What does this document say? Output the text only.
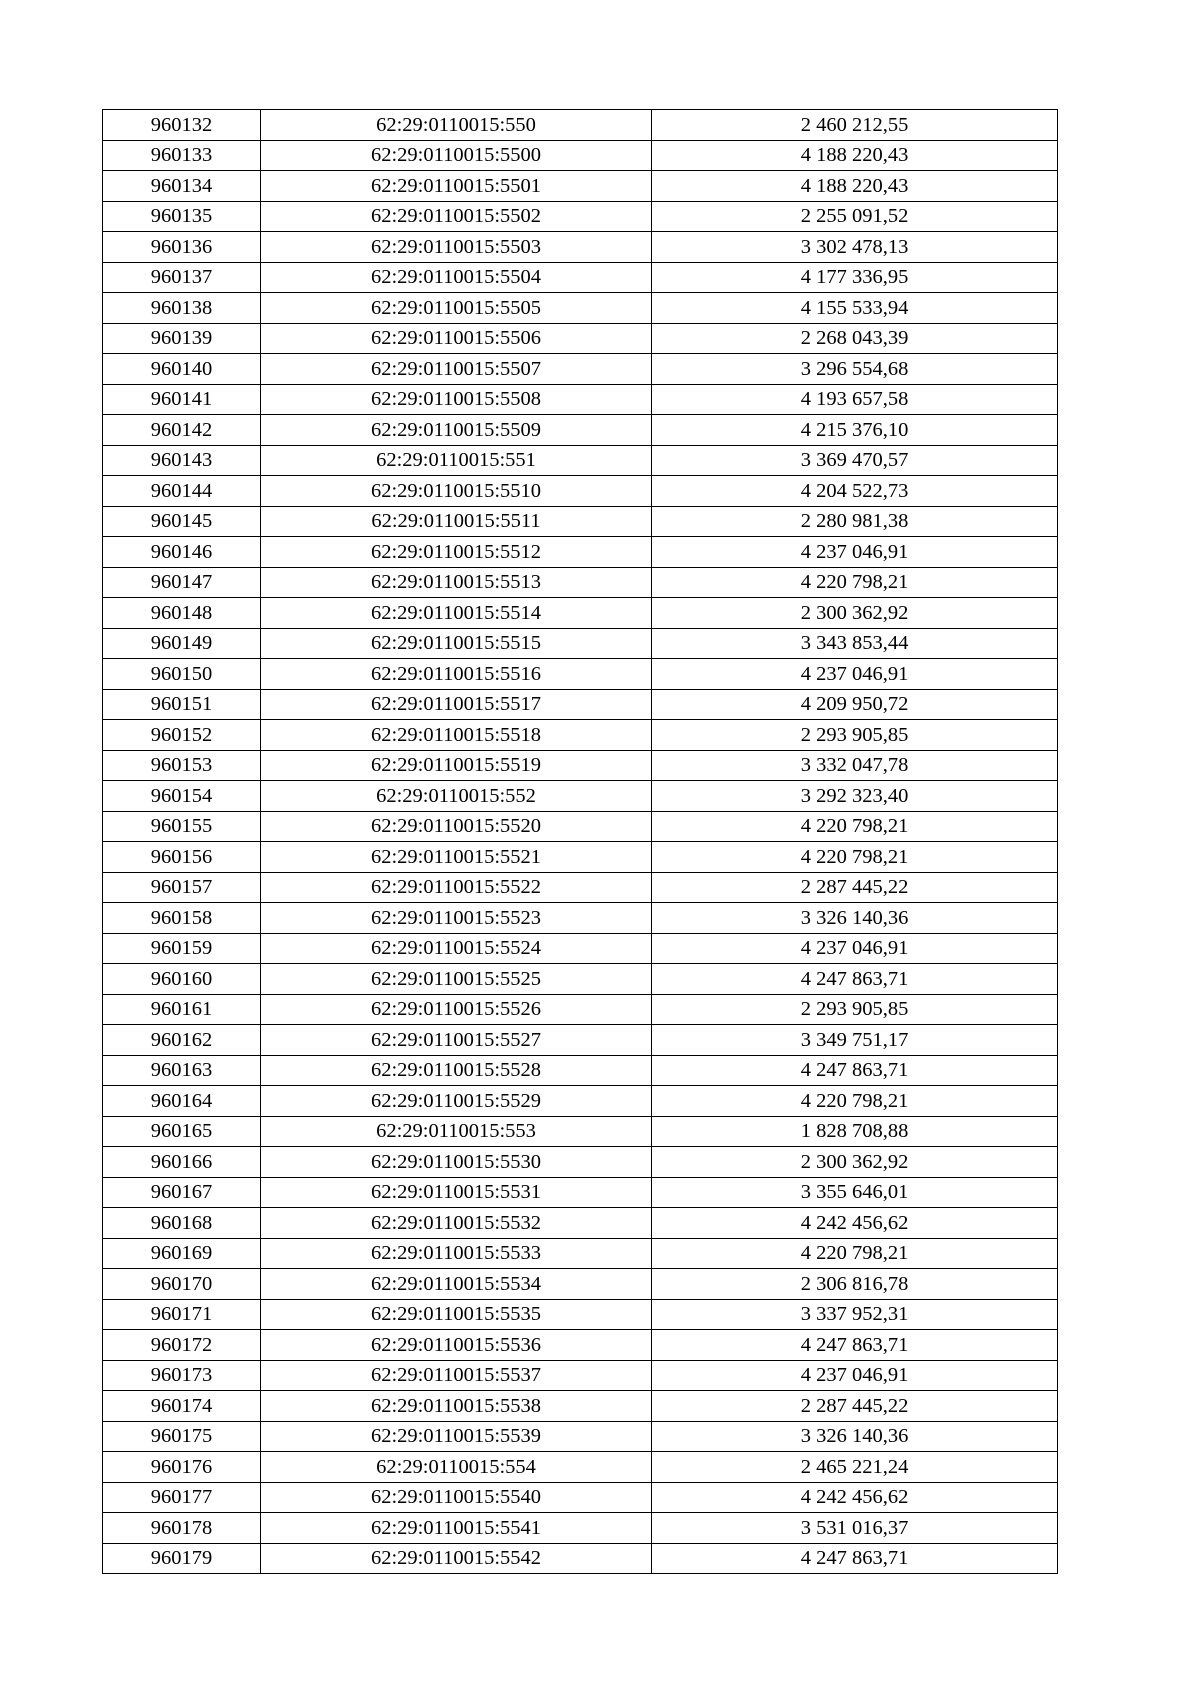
960132	62:29:0110015:550	2 460 212,55
960133	62:29:0110015:5500	4 188 220,43
960134	62:29:0110015:5501	4 188 220,43
960135	62:29:0110015:5502	2 255 091,52
960136	62:29:0110015:5503	3 302 478,13
960137	62:29:0110015:5504	4 177 336,95
960138	62:29:0110015:5505	4 155 533,94
960139	62:29:0110015:5506	2 268 043,39
960140	62:29:0110015:5507	3 296 554,68
960141	62:29:0110015:5508	4 193 657,58
960142	62:29:0110015:5509	4 215 376,10
960143	62:29:0110015:551	3 369 470,57
960144	62:29:0110015:5510	4 204 522,73
960145	62:29:0110015:5511	2 280 981,38
960146	62:29:0110015:5512	4 237 046,91
960147	62:29:0110015:5513	4 220 798,21
960148	62:29:0110015:5514	2 300 362,92
960149	62:29:0110015:5515	3 343 853,44
960150	62:29:0110015:5516	4 237 046,91
960151	62:29:0110015:5517	4 209 950,72
960152	62:29:0110015:5518	2 293 905,85
960153	62:29:0110015:5519	3 332 047,78
960154	62:29:0110015:552	3 292 323,40
960155	62:29:0110015:5520	4 220 798,21
960156	62:29:0110015:5521	4 220 798,21
960157	62:29:0110015:5522	2 287 445,22
960158	62:29:0110015:5523	3 326 140,36
960159	62:29:0110015:5524	4 237 046,91
960160	62:29:0110015:5525	4 247 863,71
960161	62:29:0110015:5526	2 293 905,85
960162	62:29:0110015:5527	3 349 751,17
960163	62:29:0110015:5528	4 247 863,71
960164	62:29:0110015:5529	4 220 798,21
960165	62:29:0110015:553	1 828 708,88
960166	62:29:0110015:5530	2 300 362,92
960167	62:29:0110015:5531	3 355 646,01
960168	62:29:0110015:5532	4 242 456,62
960169	62:29:0110015:5533	4 220 798,21
960170	62:29:0110015:5534	2 306 816,78
960171	62:29:0110015:5535	3 337 952,31
960172	62:29:0110015:5536	4 247 863,71
960173	62:29:0110015:5537	4 237 046,91
960174	62:29:0110015:5538	2 287 445,22
960175	62:29:0110015:5539	3 326 140,36
960176	62:29:0110015:554	2 465 221,24
960177	62:29:0110015:5540	4 242 456,62
960178	62:29:0110015:5541	3 531 016,37
960179	62:29:0110015:5542	4 247 863,71
